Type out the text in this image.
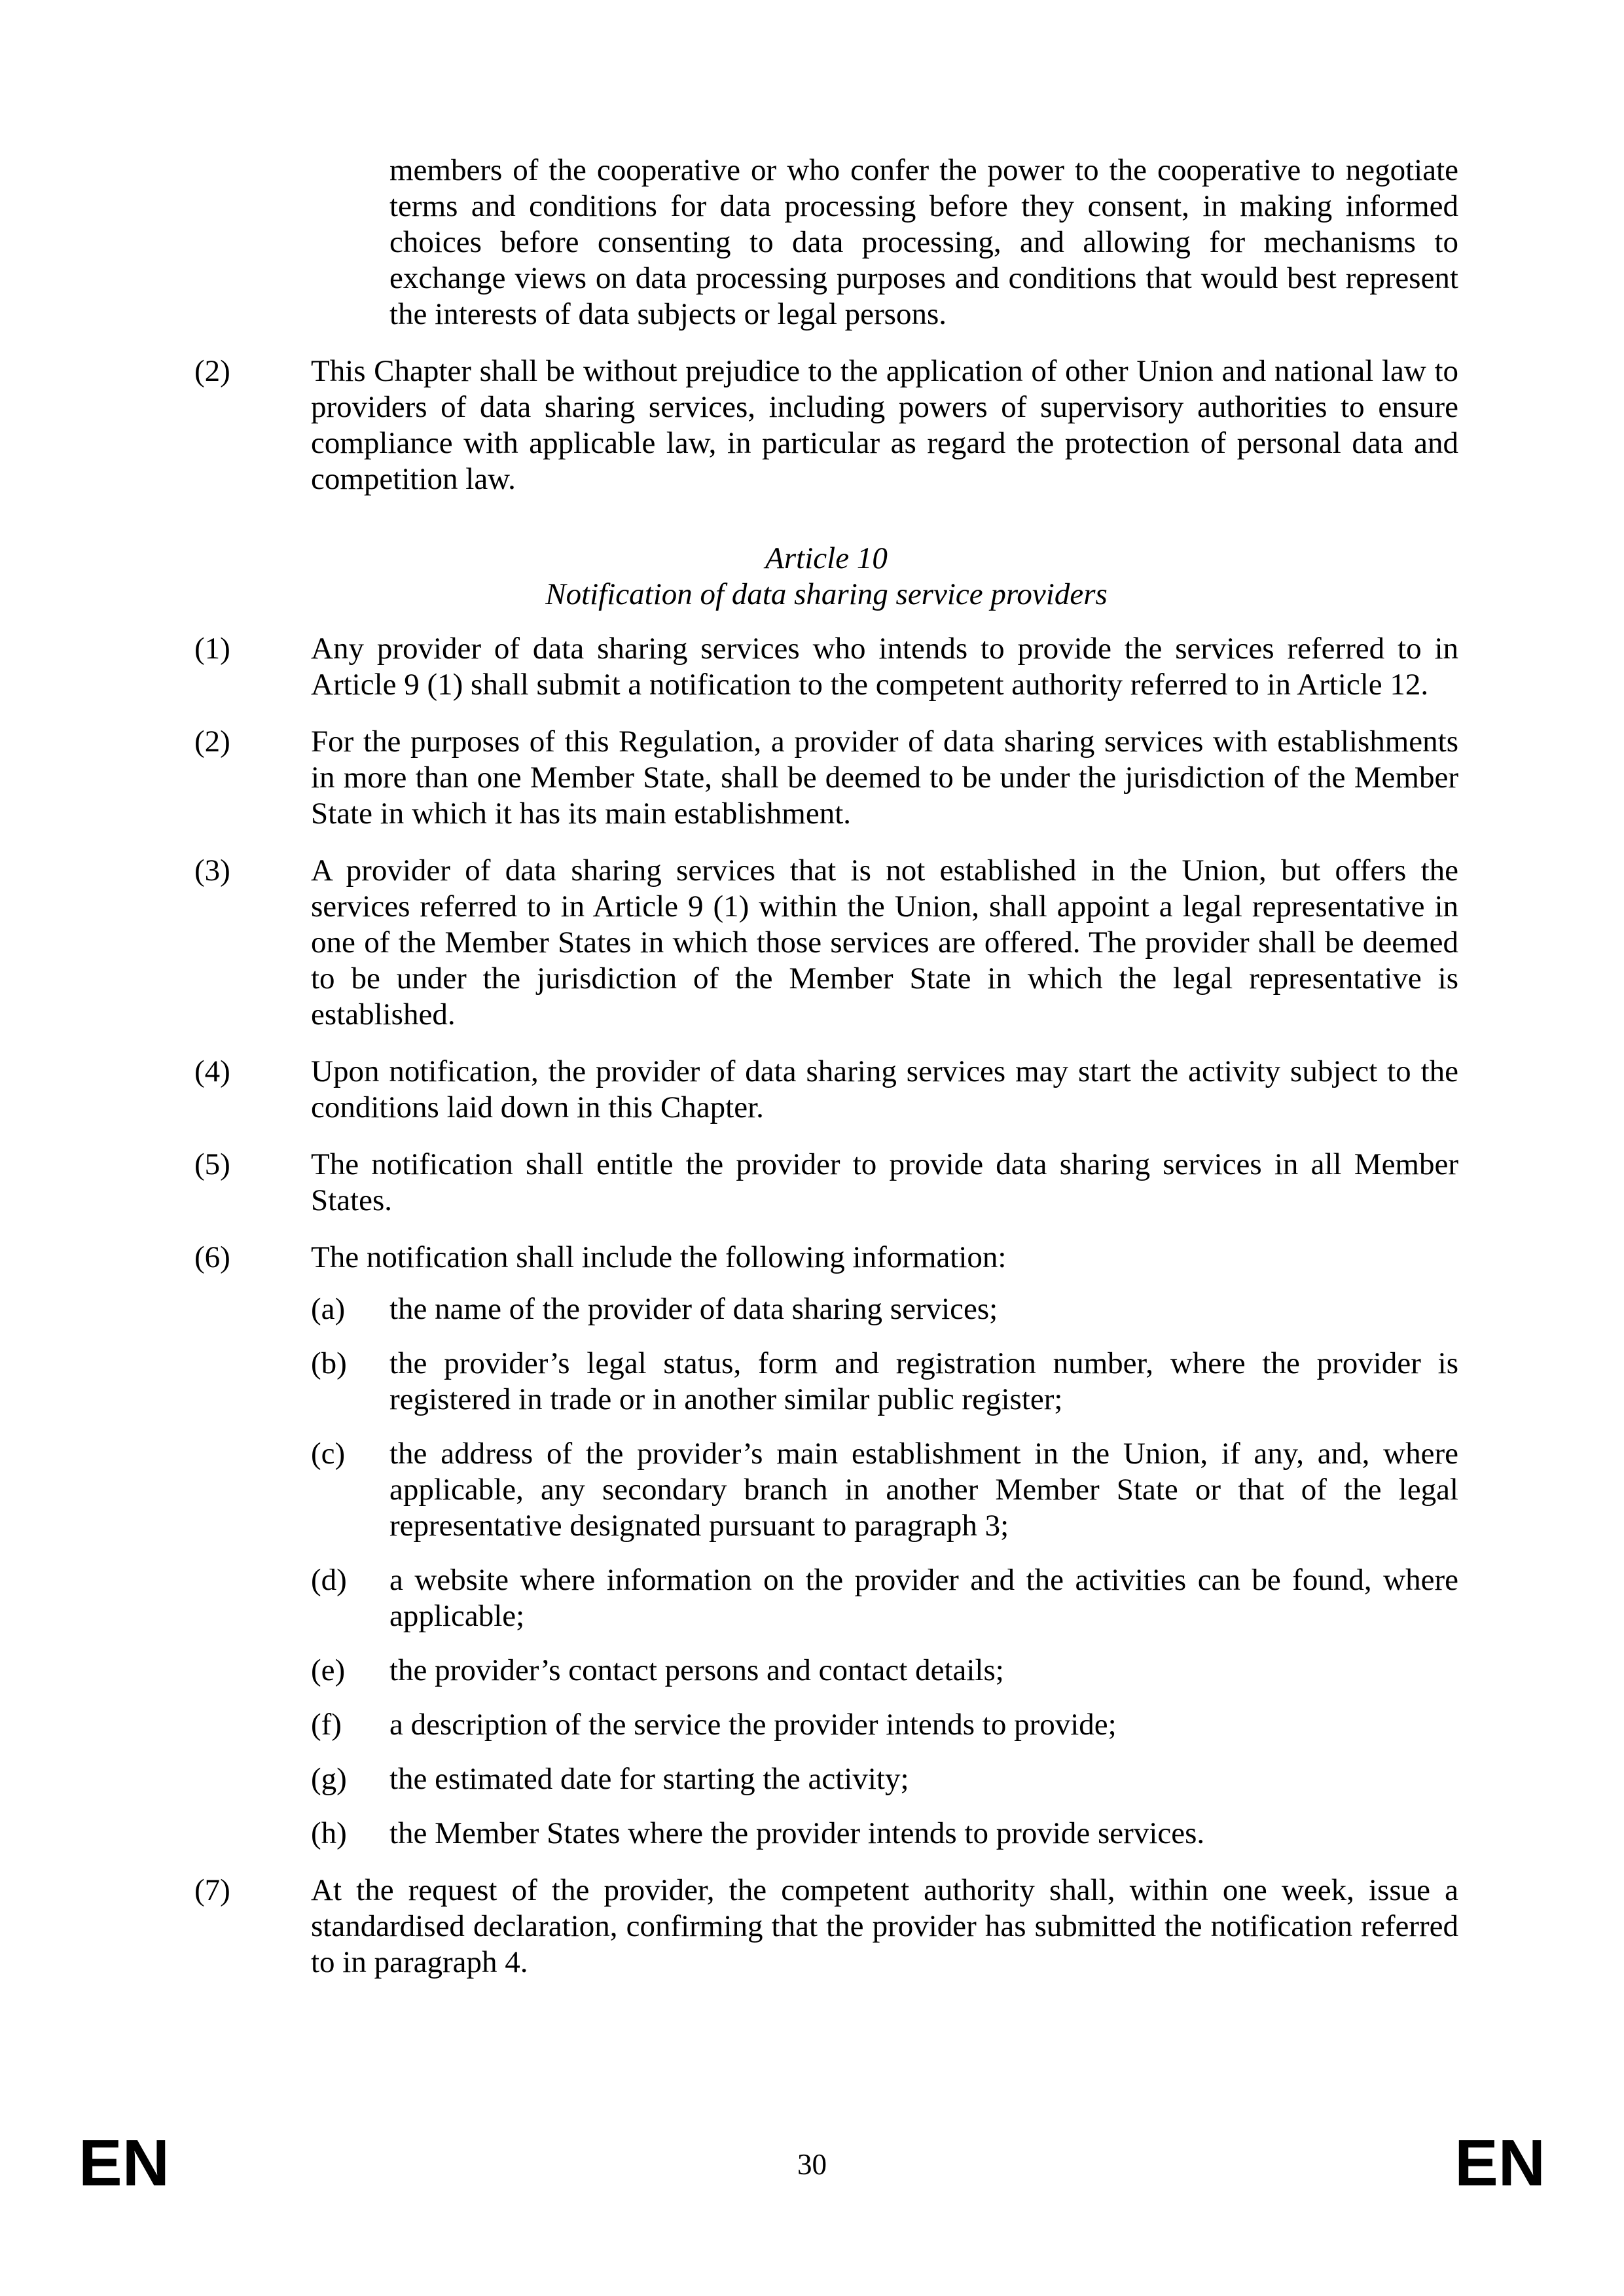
members of the cooperative or who confer the power to the cooperative to negotiate terms and conditions for data processing before they consent, in making informed choices before consenting to data processing, and allowing for mechanisms to exchange views on data processing purposes and conditions that would best represent the interests of data subjects or legal persons.

(2)	This Chapter shall be without prejudice to the application of other Union and national law to providers of data sharing services, including powers of supervisory authorities to ensure compliance with applicable law, in particular as regard the protection of personal data and competition law.
Article 10
Notification of data sharing service providers
(1)	Any provider of data sharing services who intends to provide the services referred to in Article 9 (1) shall submit a notification to the competent authority referred to in Article 12.
(2)	For the purposes of this Regulation, a provider of data sharing services with establishments in more than one Member State, shall be deemed to be under the jurisdiction of the Member State in which it has its main establishment.
(3)	A provider of data sharing services that is not established in the Union, but offers the services referred to in Article 9 (1) within the Union, shall appoint a legal representative in one of the Member States in which those services are offered. The provider shall be deemed to be under the jurisdiction of the Member State in which the legal representative is established.
(4)	Upon notification, the provider of data sharing services may start the activity subject to the conditions laid down in this Chapter.
(5)	The notification shall entitle the provider to provide data sharing services in all Member States.
(6)	The notification shall include the following information:
(a) the name of the provider of data sharing services;
(b) the provider’s legal status, form and registration number, where the provider is registered in trade or in another similar public register;
(c) the address of the provider’s main establishment in the Union, if any, and, where applicable, any secondary branch in another Member State or that of the legal representative designated pursuant to paragraph 3;
(d) a website where information on the provider and the activities can be found, where applicable;
(e) the provider’s contact persons and contact details;
(f) a description of the service the provider intends to provide;
(g) the estimated date for starting the activity;
(h) the Member States where the provider intends to provide services.
(7)	At the request of the provider, the competent authority shall, within one week, issue a standardised declaration, confirming that the provider has submitted the notification referred to in paragraph 4.
EN	30	EN
